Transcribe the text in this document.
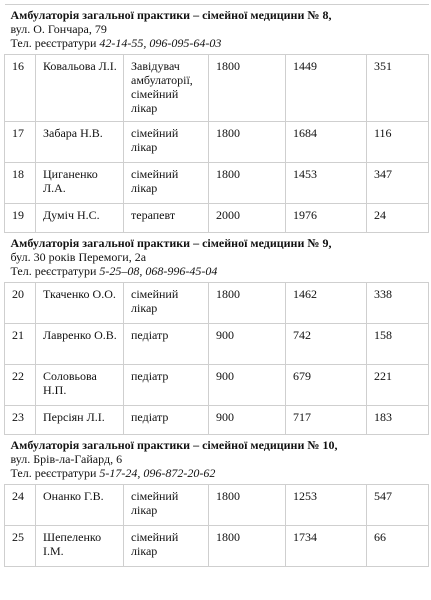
Амбулаторія загальної практики – сімейної медицини № 8,
вул. О. Гончара, 79
Тел. реєстратури 42-14-55, 096-095-64-03					

16	Ковальова Л.І.	Завідувач амбулаторії, сімейний лікар	1800	1449	351
17	Забара Н.В.	сімейний лікар	1800	1684	116
18	Циганенко Л.А.	сімейний лікар	1800	1453	347
19	Думіч Н.С.	терапевт	2000	1976	24

Амбулаторія загальної практики – сімейної медицини № 9,
бул. 30 років Перемоги, 2а
Тел. реєстратури 5-25–08, 068-996-45-04					

20	Ткаченко О.О.	сімейний лікар	1800	1462	338
21	Лавренко О.В.	педіатр	900	742	158
22	Соловьова Н.П.	педіатр	900	679	221
23	Персіян Л.І.	педіатр	900	717	183

Амбулаторія загальної практики – сімейної медицини № 10,
вул. Брів-ла-Гайард, 6
Тел. реєстратури 5-17-24, 096-872-20-62					

24	Онанко Г.В.	сімейний лікар	1800	1253	547
25	Шепеленко І.М.	сімейний лікар	1800	1734	66
